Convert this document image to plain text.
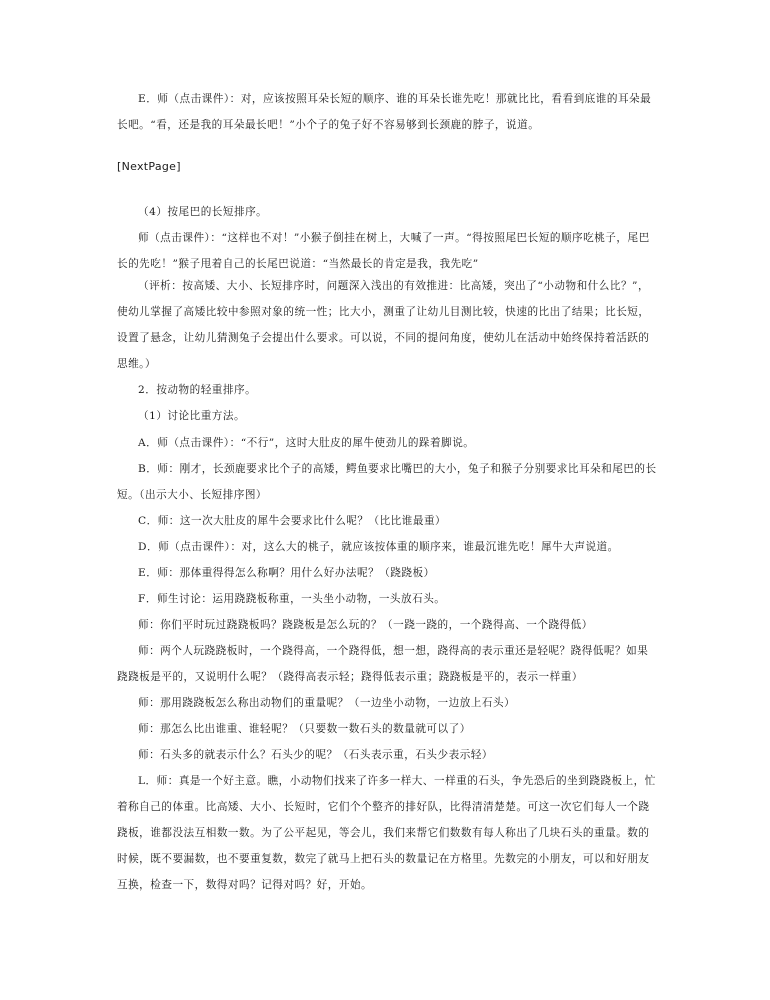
E．师（点击课件）：对，应该按照耳朵长短的顺序、谁的耳朵长谁先吃！那就比比，看看到底谁的耳朵最长吧。“看，还是我的耳朵最长吧！”小个子的兔子好不容易够到长颈鹿的脖子，说道。
[NextPage]
（4）按尾巴的长短排序。
师（点击课件）：“这样也不对！”小猴子倒挂在树上，大喊了一声。“得按照尾巴长短的顺序吃桃子，尾巴长的先吃！”猴子甩着自己的长尾巴说道：“当然最长的肯定是我，我先吃”
（评析：按高矮、大小、长短排序时，问题深入浅出的有效推进：比高矮，突出了“小动物和什么比？”，使幼儿掌握了高矮比较中参照对象的统一性；比大小，测重了让幼儿目测比较，快速的比出了结果；比长短，设置了悬念，让幼儿猜测兔子会提出什么要求。可以说，不同的提问角度，使幼儿在活动中始终保持着活跃的思维。）
2．按动物的轻重排序。
（1）讨论比重方法。
A．师（点击课件）：“不行”，这时大肚皮的犀牛使劲儿的跺着脚说。
B．师：刚才，长颈鹿要求比个子的高矮，鳄鱼要求比嘴巴的大小，兔子和猴子分别要求比耳朵和尾巴的长短。（出示大小、长短排序图）
C．师：这一次大肚皮的犀牛会要求比什么呢？（比比谁最重）
D．师（点击课件）：对，这么大的桃子，就应该按体重的顺序来，谁最沉谁先吃！犀牛大声说道。
E．师：那体重得得怎么称啊？用什么好办法呢？（跷跷板）
F．师生讨论：运用跷跷板称重，一头坐小动物，一头放石头。
师：你们平时玩过跷跷板吗？跷跷板是怎么玩的？（一跷一跷的，一个跷得高、一个跷得低）
师：两个人玩跷跷板时，一个跷得高，一个跷得低，想一想，跷得高的表示重还是轻呢？跷得低呢？如果跷跷板是平的，又说明什么呢？（跷得高表示轻；跷得低表示重；跷跷板是平的，表示一样重）
师：那用跷跷板怎么称出动物们的重量呢？（一边坐小动物，一边放上石头）
师：那怎么比出谁重、谁轻呢？（只要数一数石头的数量就可以了）
师：石头多的就表示什么？石头少的呢？（石头表示重，石头少表示轻）
L．师：真是一个好主意。瞧，小动物们找来了许多一样大、一样重的石头，争先恐后的坐到跷跷板上，忙着称自己的体重。比高矮、大小、长短时，它们个个整齐的排好队，比得清清楚楚。可这一次它们每人一个跷跷板，谁都没法互相数一数。为了公平起见，等会儿，我们来帮它们数数有每人称出了几块石头的重量。数的时候，既不要漏数，也不要重复数，数完了就马上把石头的数量记在方格里。先数完的小朋友，可以和好朋友互换，检查一下，数得对吗？记得对吗？好，开始。
